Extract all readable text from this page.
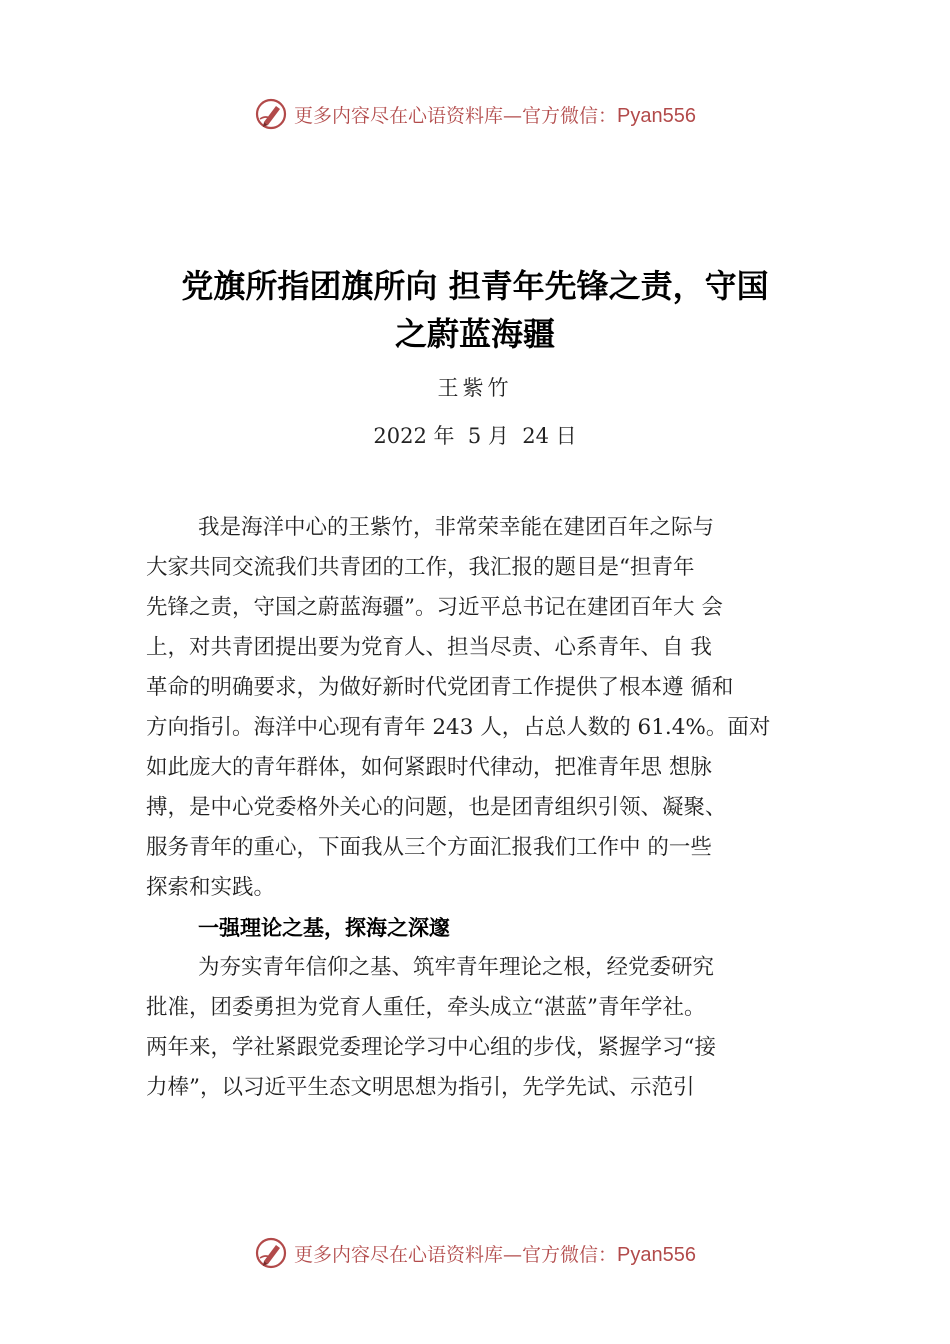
更多内容尽在心语资料库—官方微信：Pyan556
党旗所指团旗所向 担青年先锋之责，守国
之蔚蓝海疆
王紫竹
2022 年  5 月  24 日
我是海洋中心的王紫竹，非常荣幸能在建团百年之际与
大家共同交流我们共青团的工作，我汇报的题目是“担青年
先锋之责，守国之蔚蓝海疆”。习近平总书记在建团百年大 会
上，对共青团提出要为党育人、担当尽责、心系青年、自 我
革命的明确要求，为做好新时代党团青工作提供了根本遵 循和
方向指引。海洋中心现有青年 243 人，占总人数的 61.4%。面对
如此庞大的青年群体，如何紧跟时代律动，把准青年思 想脉
搏，是中心党委格外关心的问题，也是团青组织引领、凝聚、
服务青年的重心，下面我从三个方面汇报我们工作中 的一些
探索和实践。
一强理论之基，探海之深邃
为夯实青年信仰之基、筑牢青年理论之根，经党委研究
批准，团委勇担为党育人重任，牵头成立“湛蓝”青年学社。
两年来，学社紧跟党委理论学习中心组的步伐，紧握学习“接
力棒”，以习近平生态文明思想为指引，先学先试、示范引
更多内容尽在心语资料库—官方微信：Pyan556
